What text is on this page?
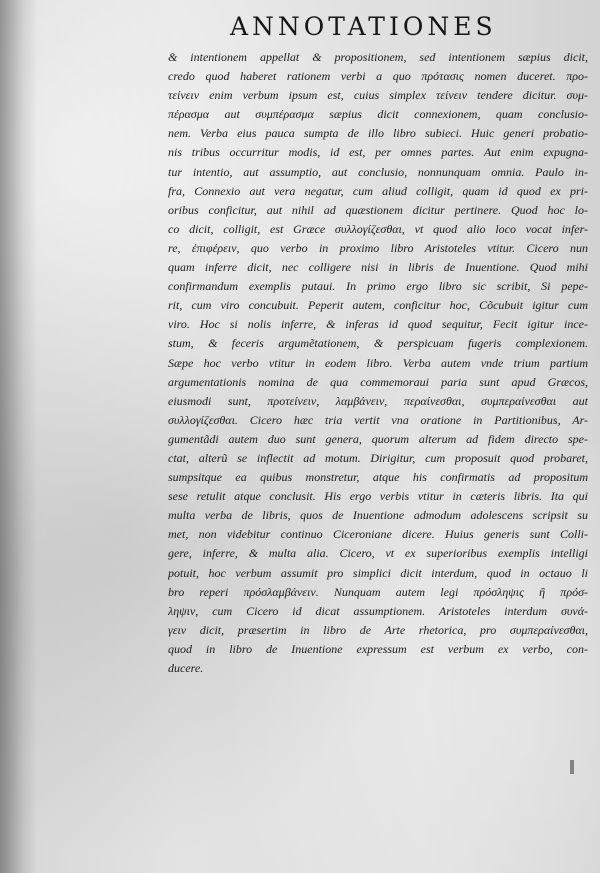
ANNOTATIONES
& intentionem appellat & propositionem, sed intentionem sæpius dicit,
credo quod haberet rationem verbi a quo πρότασις nomen duceret. προ-
τείνειν enim verbum ipsum est, cuius simplex τείνειν tendere dicitur. συμ-
πέρασμα aut συμπέρασμα sæpius dicit connexionem, quam conclusio-
nem. Verba eius pauca sumpta de illo libro subieci. Huic generi probatio-
nis tribus occurritur modis, id est, per omnes partes. Aut enim expugna-
tur intentio, aut assumptio, aut conclusio, nonnunquam omnia. Paulo in-
fra, Connexio aut vera negatur, cum aliud colligit, quam id quod ex pri-
oribus conficitur, aut nihil ad quæstionem dicitur pertinere. Quod hoc lo-
co dicit, colligit, est Græce συλλογίζεσθαι, vt quod alio loco vocat infer-
re, ἐπιφέρειν, quo verbo in proximo libro Aristoteles vtitur. Cicero nun
quam inferre dicit, nec colligere nisi in libris de Inuentione. Quod mihi
confirmandum exemplis putaui. In primo ergo libro sic scribit, Si pepe-
rit, cum viro concubuit. Peperit autem, conficitur hoc, Cõcubuit igitur cum
viro. Hoc si nolis inferre, & inferas id quod sequitur, Fecit igitur ince-
stum, & feceris argumẽtationem, & perspicuam fugeris complexionem.
Sæpe hoc verbo vtitur in eodem libro. Verba autem vnde trium partium
argumentationis nomina de qua commemoraui paria sunt apud Græcos,
eiusmodi sunt, προτείνειν, λαμβάνειν, περαίνεσθαι, συμπεραίνεσθαι aut
συλλογίζεσθαι. Cicero hæc tria vertit vna oratione in Partitionibus, Ar-
gumentãdi autem duo sunt genera, quorum alterum ad fidem directo spe-
ctat, alterũ se inflectit ad motum. Dirigitur, cum proposuit quod probaret,
sumpsitque ea quibus monstretur, atque his confirmatis ad propositum
sese retulit atque conclusit. His ergo verbis vtitur in cæteris libris. Ita qui
multa verba de libris, quos de Inuentione admodum adolescens scripsit su
met, non videbitur continuo Ciceroniane dicere. Huius generis sunt Colli-
gere, inferre, & multa alia. Cicero, vt ex superioribus exemplis intelligi
potuit, hoc verbum assumit pro simplici dicit interdum, quod in octauo li
bro reperi πρόσλαμβάνειν. Nunquam autem legi πρόσληψις ἢ πρόσ-
ληψιν, cum Cicero id dicat assumptionem. Aristoteles interdum συνά-
γειν dicit, præsertim in libro de Arte rhetorica, pro συμπεραίνεσθαι,
quod in libro de Inuentione expressum est verbum ex verbo, con-
ducere.
